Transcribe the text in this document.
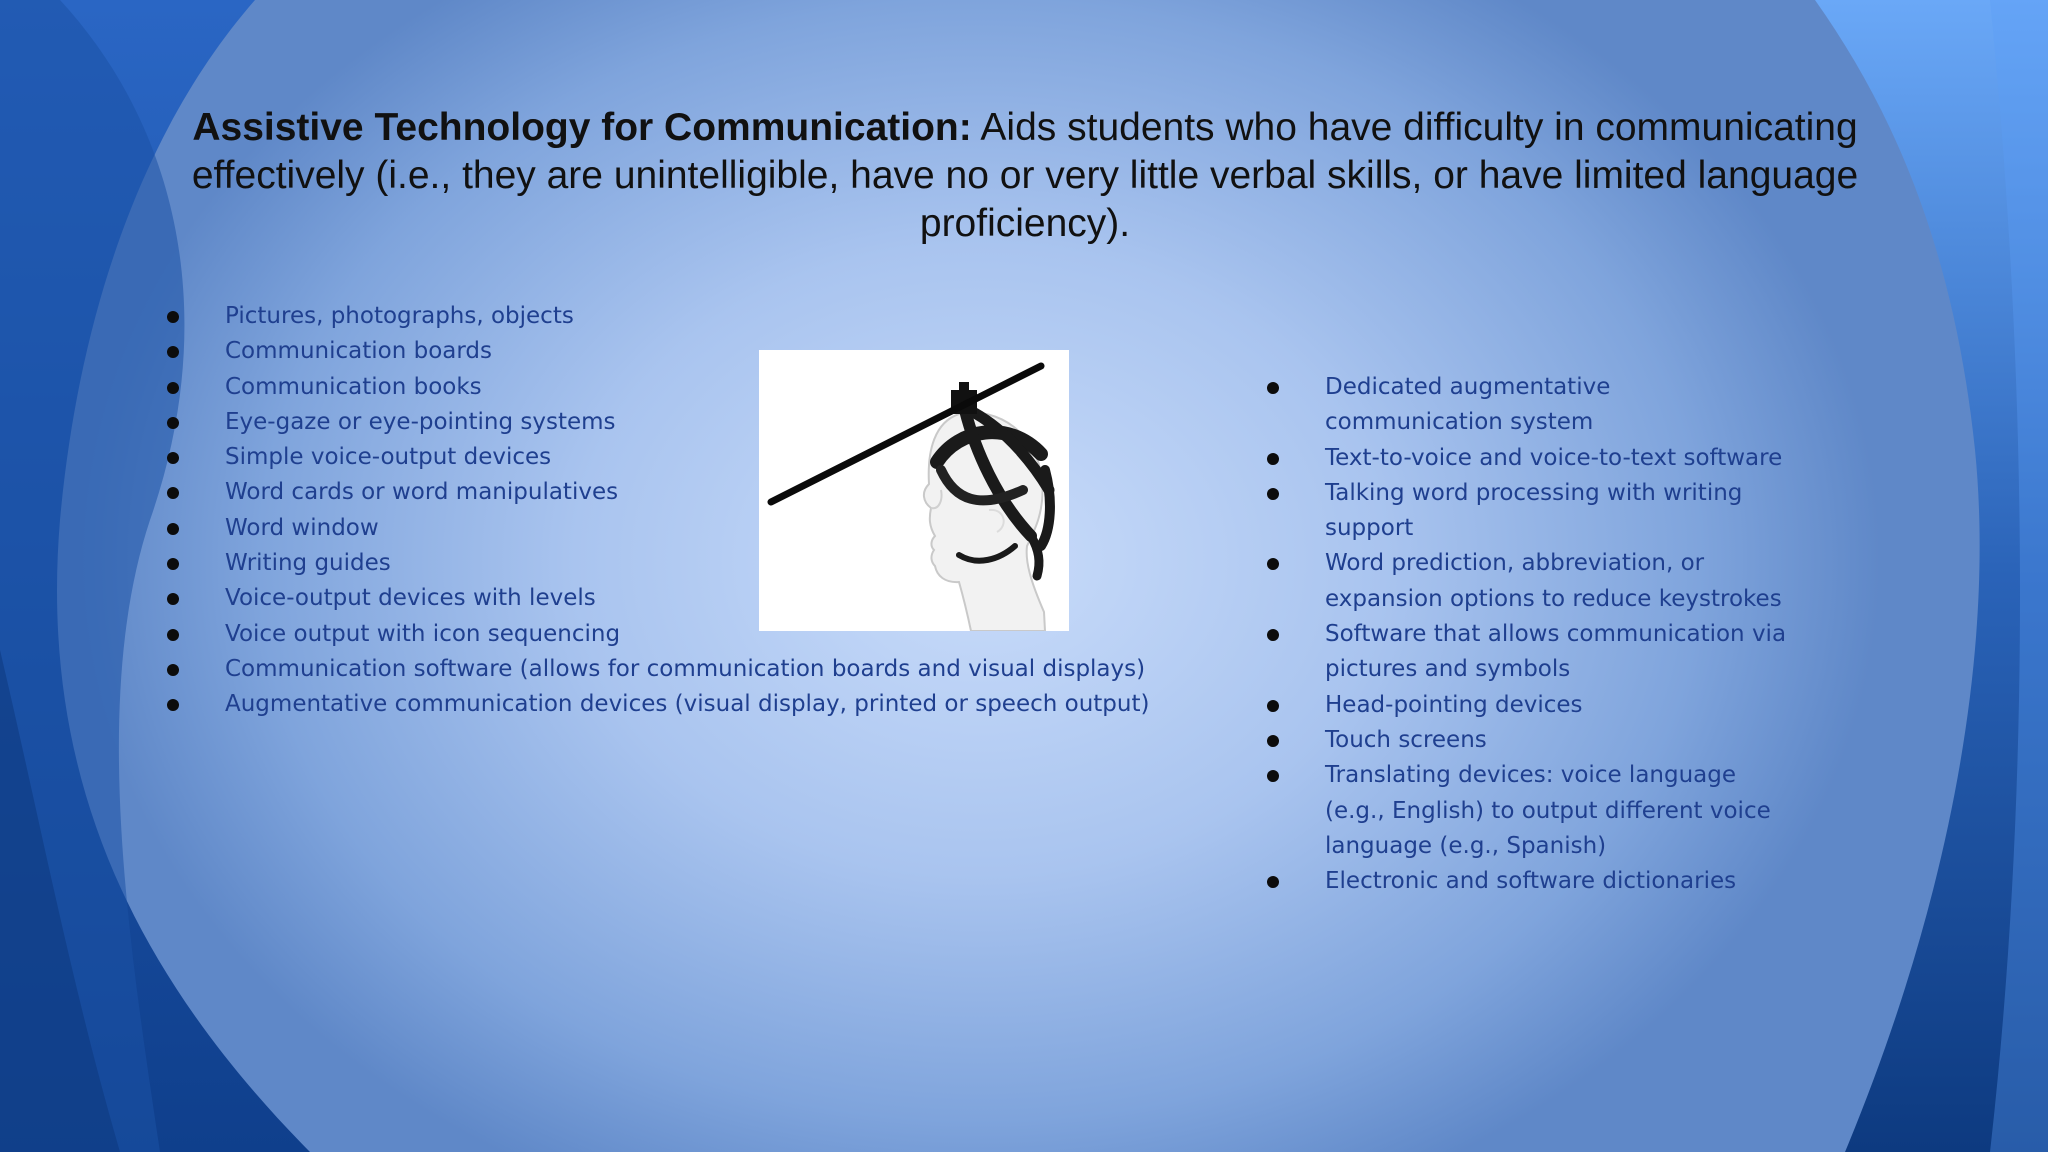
Assistive Technology for Communication: Aids students who have difficulty in communicating effectively (i.e., they are unintelligible, have no or very little verbal skills, or have limited language proficiency).
Pictures, photographs, objects
Communication boards
Communication books
Eye-gaze or eye-pointing systems
Simple voice-output devices
Word cards or word manipulatives
Word window
Writing guides
Voice-output devices with levels
Voice output with icon sequencing
Communication software (allows for communication boards and visual displays)
Augmentative communication devices (visual display, printed or speech output)
Dedicated augmentative communication system
Text-to-voice and voice-to-text software
Talking word processing with writing support
Word prediction, abbreviation, or expansion options to reduce keystrokes
Software that allows communication via pictures and symbols
Head-pointing devices
Touch screens
Translating devices: voice language (e.g., English) to output different voice language (e.g., Spanish)
Electronic and software dictionaries
